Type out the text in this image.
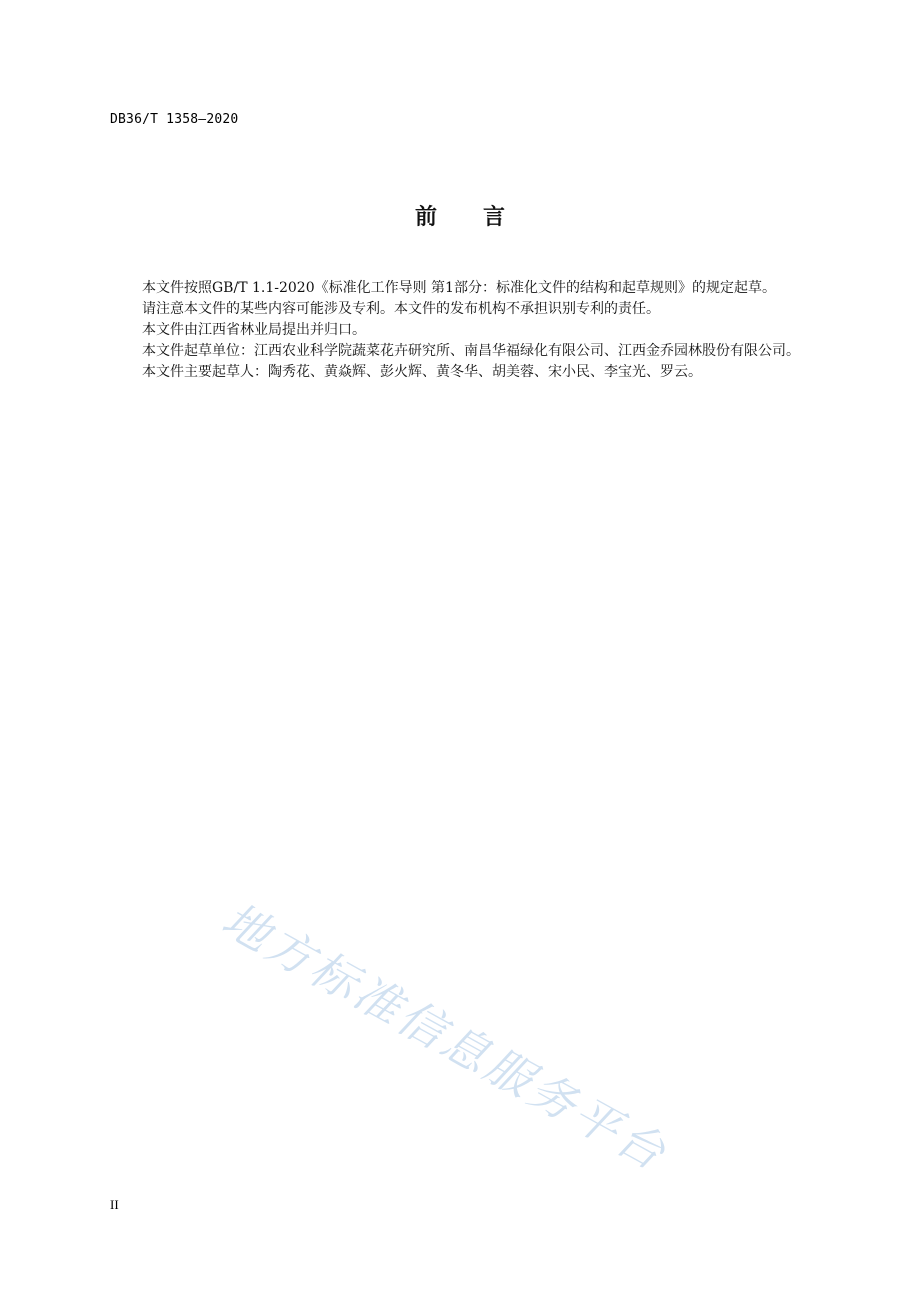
DB36/T 1358—2020
前言

本文件按照GB/T 1.1-2020《标准化工作导则 第1部分：标准化文件的结构和起草规则》的规定起草。

请注意本文件的某些内容可能涉及专利。本文件的发布机构不承担识别专利的责任。

本文件由江西省林业局提出并归口。

本文件起草单位：江西农业科学院蔬菜花卉研究所、南昌华福绿化有限公司、江西金乔园林股份有限公司。

本文件主要起草人：陶秀花、黄焱辉、彭火辉、黄冬华、胡美蓉、宋小民、李宝光、罗云。

地方标准信息服务平台
II
